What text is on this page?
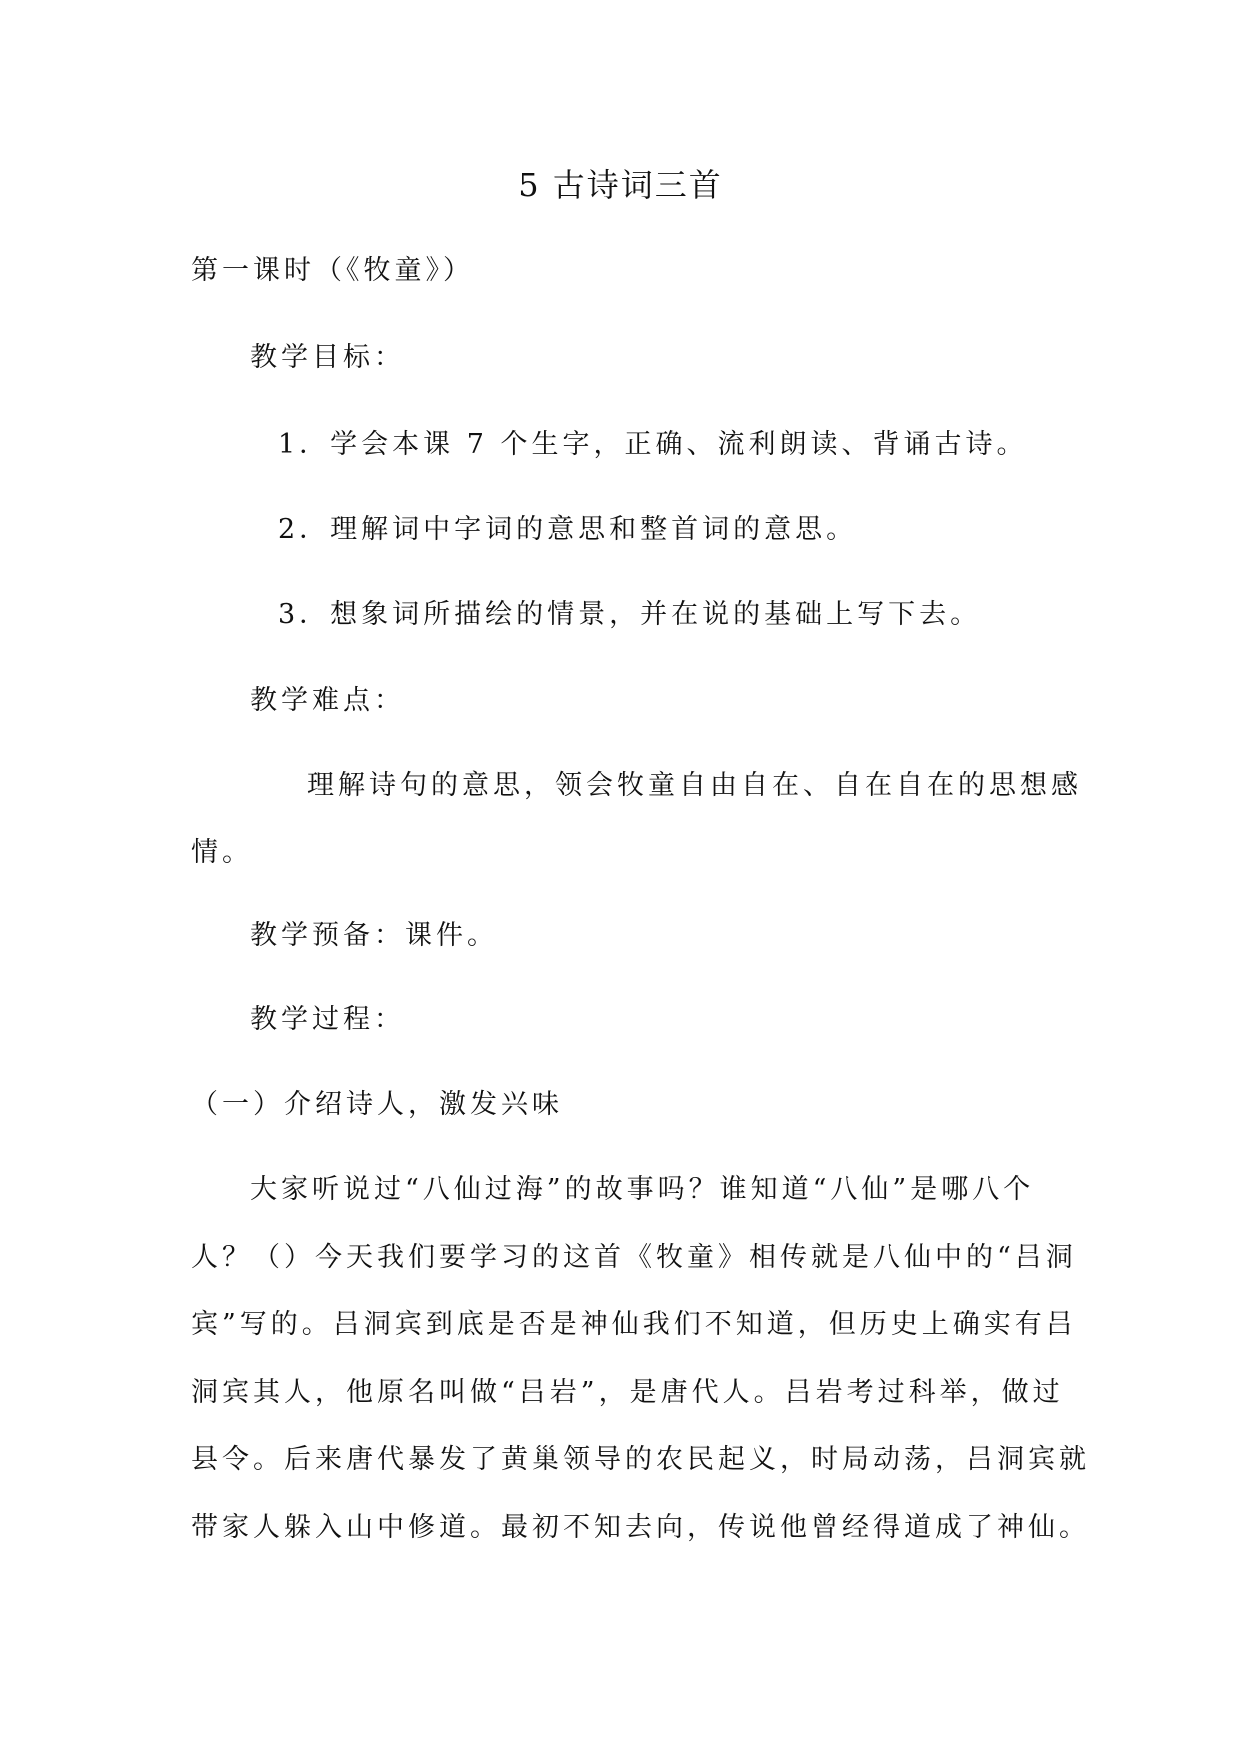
5 古诗词三首
第一课时（《牧童》）
教学目标：
1．学会本课 7 个生字，正确、流利朗读、背诵古诗。
2．理解词中字词的意思和整首词的意思。
3．想象词所描绘的情景，并在说的基础上写下去。
教学难点：
理解诗句的意思，领会牧童自由自在、自在自在的思想感
情。
教学预备：课件。
教学过程：
（一）介绍诗人，激发兴味
大家听说过“八仙过海”的故事吗？谁知道“八仙”是哪八个
人？（）今天我们要学习的这首《牧童》相传就是八仙中的“吕洞
宾”写的。吕洞宾到底是否是神仙我们不知道，但历史上确实有吕
洞宾其人，他原名叫做“吕岩”，是唐代人。吕岩考过科举，做过
县令。后来唐代暴发了黄巢领导的农民起义，时局动荡，吕洞宾就
带家人躲入山中修道。最初不知去向，传说他曾经得道成了神仙。
